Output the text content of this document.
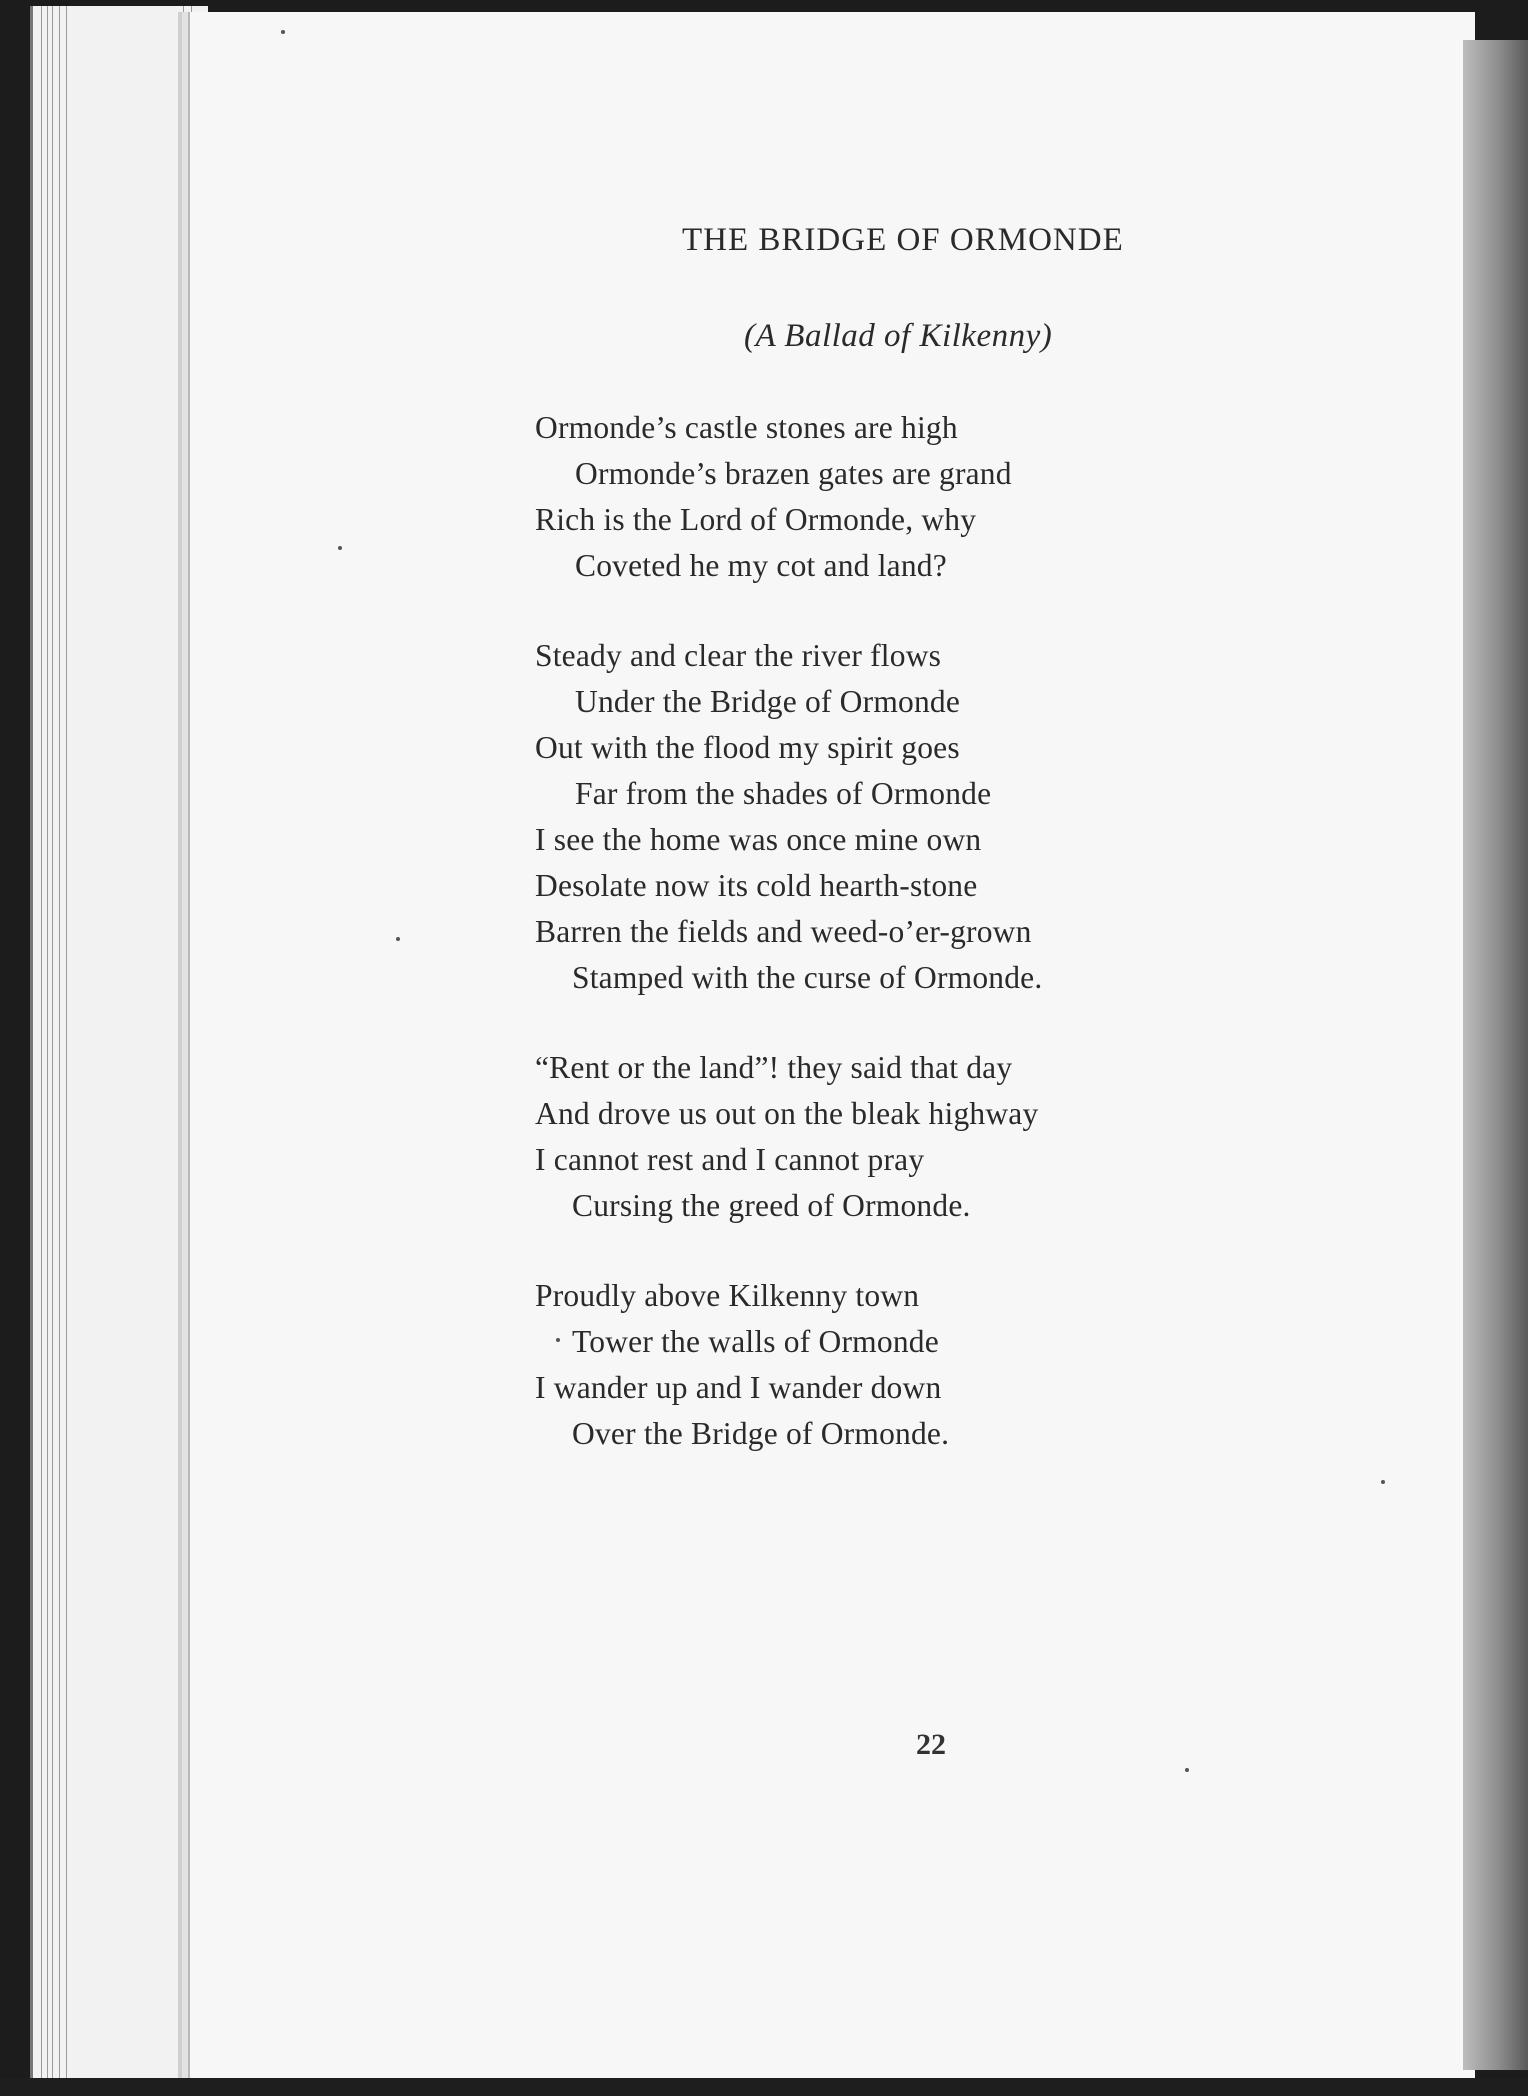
THE BRIDGE OF ORMONDE
(A Ballad of Kilkenny)
Ormonde’s castle stones are high
Ormonde’s brazen gates are grand
Rich is the Lord of Ormonde, why
Coveted he my cot and land?
Steady and clear the river flows
Under the Bridge of Ormonde
Out with the flood my spirit goes
Far from the shades of Ormonde
I see the home was once mine own
Desolate now its cold hearth-stone
Barren the fields and weed-o’er-grown
Stamped with the curse of Ormonde.
“Rent or the land”! they said that day
And drove us out on the bleak highway
I cannot rest and I cannot pray
Cursing the greed of Ormonde.
Proudly above Kilkenny town
Tower the walls of Ormonde
I wander up and I wander down
Over the Bridge of Ormonde.
22
